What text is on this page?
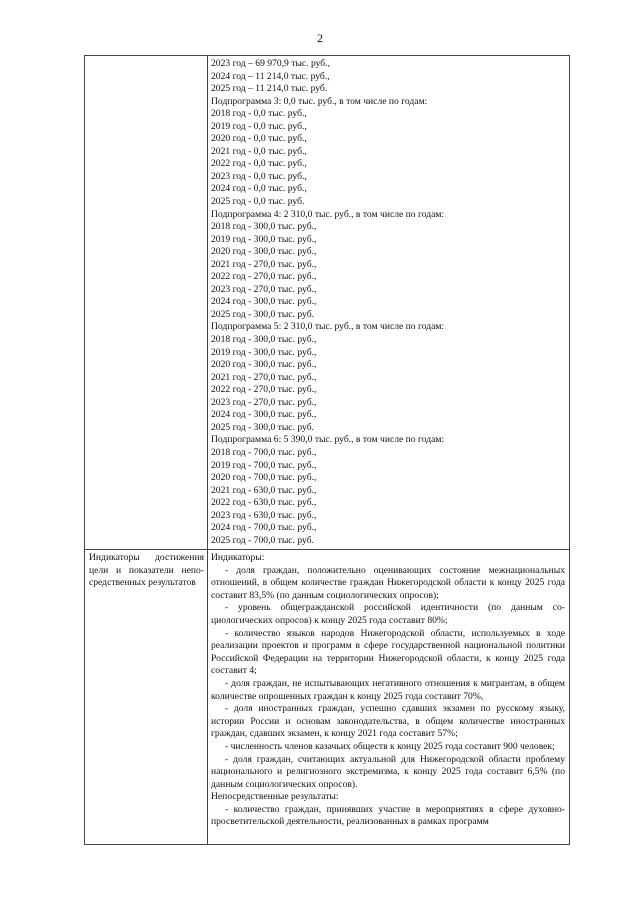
2
2023 год – 69 970,9 тыс. руб.,
2024 год – 11 214,0 тыс. руб.,
2025 год – 11 214,0 тыс. руб.
Подпрограмма 3: 0,0 тыс. руб., в том числе по годам:
2018 год - 0,0 тыс. руб.,
2019 год - 0,0 тыс. руб.,
2020 год - 0,0 тыс. руб.,
2021 год - 0,0 тыс. руб.,
2022 год - 0,0 тыс. руб.,
2023 год - 0,0 тыс. руб.,
2024 год - 0,0 тыс. руб.,
2025 год - 0,0 тыс. руб.
Подпрограмма 4: 2 310,0 тыс. руб., в том числе по годам:
2018 год - 300,0 тыс. руб.,
2019 год - 300,0 тыс. руб.,
2020 год - 300,0 тыс. руб.,
2021 год - 270,0 тыс. руб.,
2022 год - 270,0 тыс. руб.,
2023 год - 270,0 тыс. руб.,
2024 год - 300,0 тыс. руб.,
2025 год - 300,0 тыс. руб.
Подпрограмма 5: 2 310,0 тыс. руб., в том числе по годам:
2018 год - 300,0 тыс. руб.,
2019 год - 300,0 тыс. руб.,
2020 год - 300,0 тыс. руб.,
2021 год - 270,0 тыс. руб.,
2022 год - 270,0 тыс. руб.,
2023 год - 270,0 тыс. руб.,
2024 год - 300,0 тыс. руб.,
2025 год - 300,0 тыс. руб.
Подпрограмма 6: 5 390,0 тыс. руб., в том числе по годам:
2018 год - 700,0 тыс. руб.,
2019 год - 700,0 тыс. руб.,
2020 год - 700,0 тыс. руб.,
2021 год - 630,0 тыс. руб.,
2022 год - 630,0 тыс. руб.,
2023 год - 630,0 тыс. руб.,
2024 год - 700,0 тыс. руб.,
2025 год - 700,0 тыс. руб.
Индикаторы достижения цели и показатели непосредственных результатов
Индикаторы:
- доля граждан, положительно оценивающих состояние межнациональных отношений, в общем количестве граждан Нижегородской области к концу 2025 года составит 83,5% (по данным социологических опросов);
- уровень общегражданской российской идентичности (по данным социологических опросов) к концу 2025 года составит 80%;
- количество языков народов Нижегородской области, используемых в ходе реализации проектов и программ в сфере государственной национальной политики Российской Федерации на территории Нижегородской области, к концу 2025 года составит 4;
- доля граждан, не испытывающих негативного отношения к мигрантам, в общем количестве опрошенных граждан к концу 2025 года составит 70%,
- доля иностранных граждан, успешно сдавших экзамен по русскому языку, истории России и основам законодательства, в общем количестве иностранных граждан, сдавших экзамен, к концу 2021 года составит 57%;
- численность членов казачьих обществ к концу 2025 года составит 900 человек;
- доля граждан, считающих актуальной для Нижегородской области проблему национального и религиозного экстремизма, к концу 2025 года составит 6,5% (по данным социологических опросов).
Непосредственные результаты:
- количество граждан, принявших участие в мероприятиях в сфере духовно-просветительской деятельности, реализованных в рамках программ
